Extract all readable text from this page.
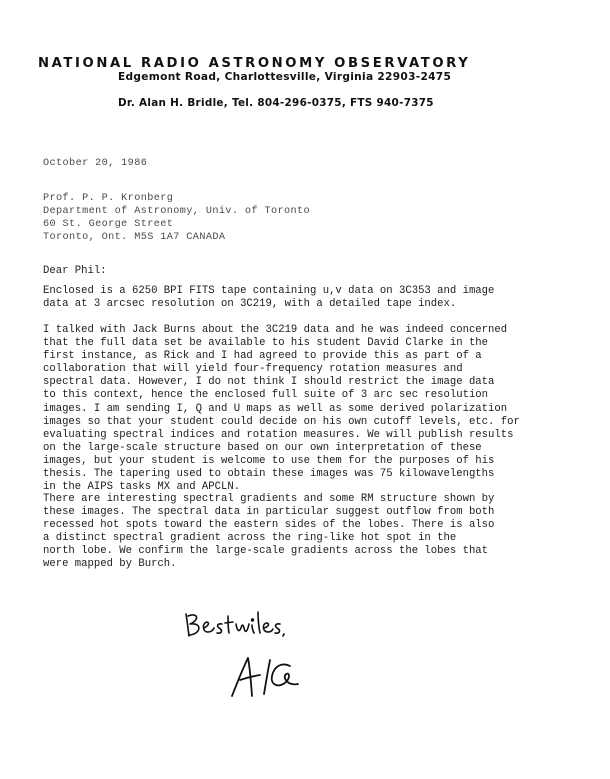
NATIONAL RADIO ASTRONOMY OBSERVATORY
Edgemont Road, Charlottesville, Virginia 22903-2475
Dr. Alan H. Bridle, Tel. 804-296-0375, FTS 940-7375
October 20, 1986
Prof. P. P. Kronberg
Department of Astronomy, Univ. of Toronto
60 St. George Street
Toronto, Ont. M5S 1A7 CANADA
Dear Phil:
Enclosed is a 6250 BPI FITS tape containing u,v data on 3C353 and image
data at 3 arcsec resolution on 3C219, with a detailed tape index.
I talked with Jack Burns about the 3C219 data and he was indeed concerned
that the full data set be available to his student David Clarke in the
first instance, as Rick and I had agreed to provide this as part of a
collaboration that will yield four-frequency rotation measures and
spectral data. However, I do not think I should restrict the image data
to this context, hence the enclosed full suite of 3 arc sec resolution
images. I am sending I, Q and U maps as well as some derived polarization
images so that your student could decide on his own cutoff levels, etc. for
evaluating spectral indices and rotation measures. We will publish results
on the large-scale structure based on our own interpretation of these
images, but your student is welcome to use them for the purposes of his
thesis. The tapering used to obtain these images was 75 kilowavelengths
in the AIPS tasks MX and APCLN.
There are interesting spectral gradients and some RM structure shown by
these images. The spectral data in particular suggest outflow from both
recessed hot spots toward the eastern sides of the lobes. There is also
a distinct spectral gradient across the ring-like hot spot in the
north lobe. We confirm the large-scale gradients across the lobes that
were mapped by Burch.
